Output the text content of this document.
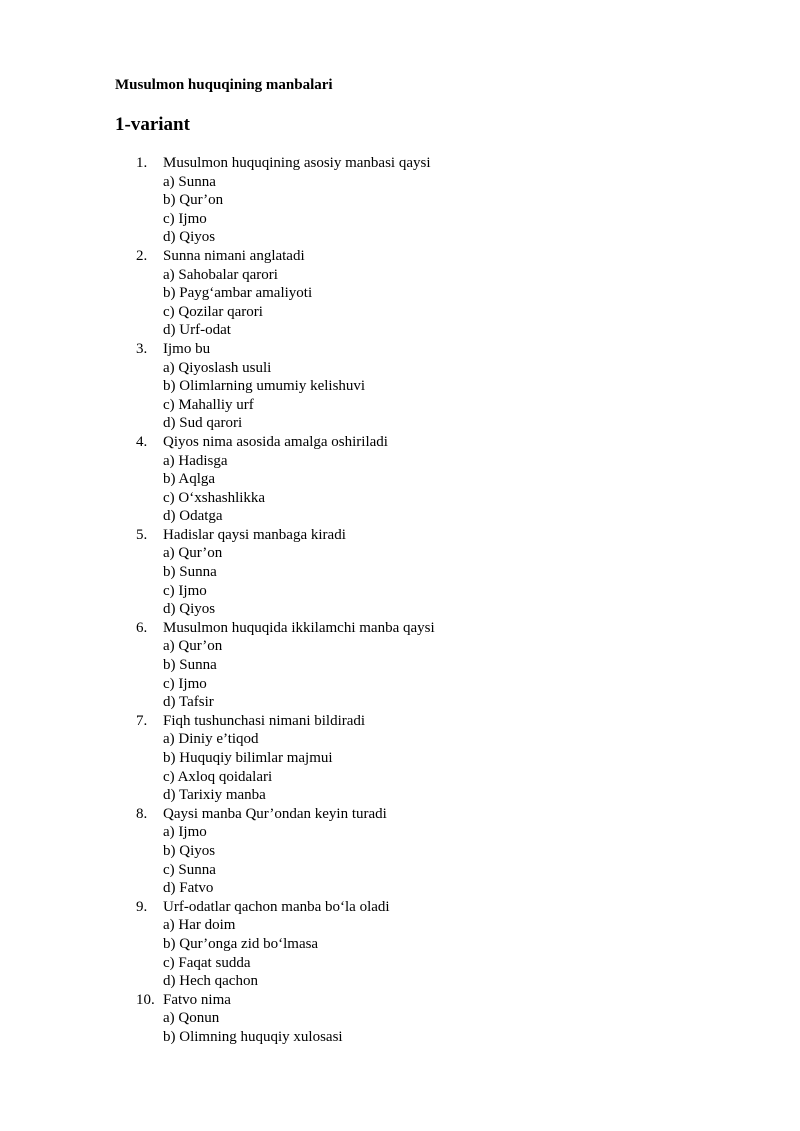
Musulmon huquqining manbalari
1-variant
1.	Musulmon huquqining asosiy manbasi qaysi
a) Sunna
b) Qur’on
c) Ijmo
d) Qiyos
2.	Sunna nimani anglatadi
a) Sahobalar qarori
b) Payg‘ambar amaliyoti
c) Qozilar qarori
d) Urf-odat
3.	Ijmo bu
a) Qiyoslash usuli
b) Olimlarning umumiy kelishuvi
c) Mahalliy urf
d) Sud qarori
4.	Qiyos nima asosida amalga oshiriladi
a) Hadisga
b) Aqlga
c) O‘xshashlikka
d) Odatga
5.	Hadislar qaysi manbaga kiradi
a) Qur’on
b) Sunna
c) Ijmo
d) Qiyos
6.	Musulmon huquqida ikkilamchi manba qaysi
a) Qur’on
b) Sunna
c) Ijmo
d) Tafsir
7.	Fiqh tushunchasi nimani bildiradi
a) Diniy e’tiqod
b) Huquqiy bilimlar majmui
c) Axloq qoidalari
d) Tarixiy manba
8.	Qaysi manba Qur’ondan keyin turadi
a) Ijmo
b) Qiyos
c) Sunna
d) Fatvo
9.	Urf-odatlar qachon manba bo‘la oladi
a) Har doim
b) Qur’onga zid bo‘lmasa
c) Faqat sudda
d) Hech qachon
10. Fatvo nima
a) Qonun
b) Olimning huquqiy xulosasi
